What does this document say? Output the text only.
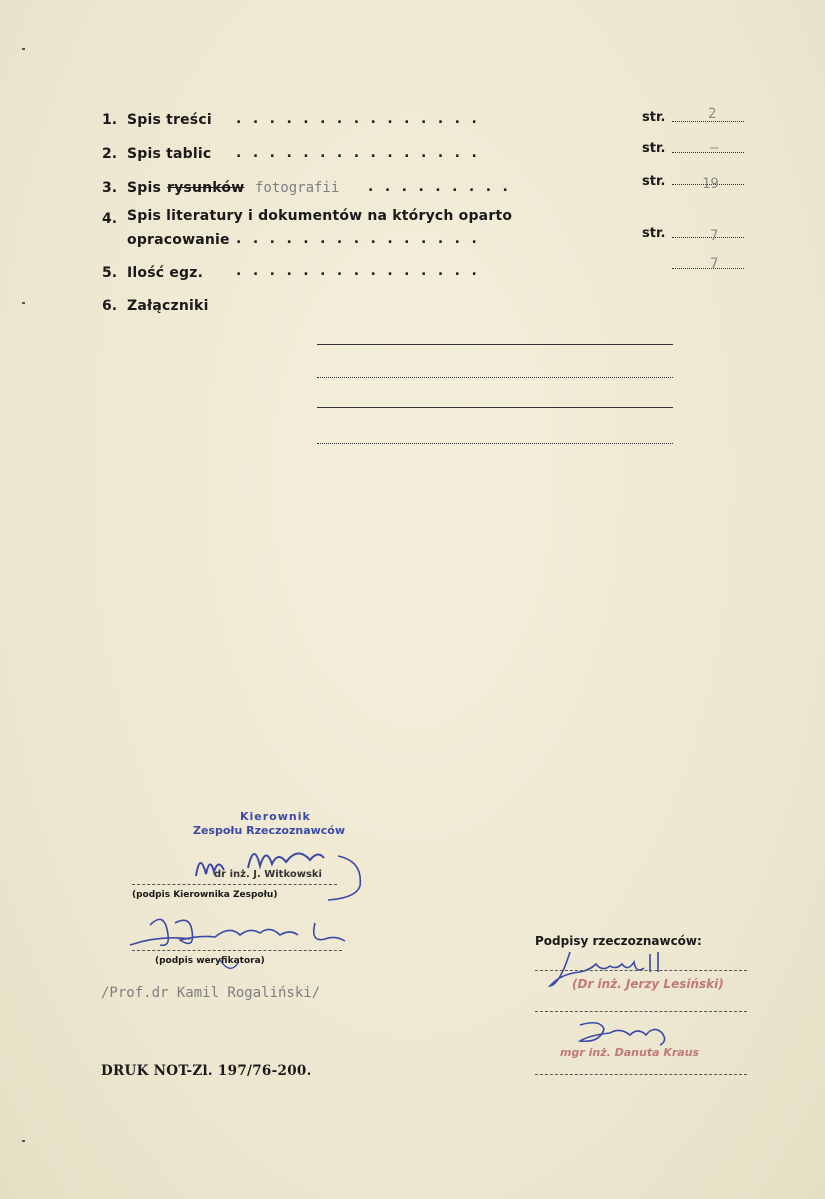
1. Spis treści ...............	str.	2
2. Spis tablic ...............	str.	–
3. Spis rysunków fotografii .........	str.	19
4. Spis literatury i dokumentów na których oparto
opracowanie ...............	str.	7
5. Ilość egz. ...............	7
6. Załączniki
Kierownik
Zespołu Rzeczoznawców
dr inż. J. Witkowski
(podpis Kierownika Zespołu)
(podpis weryfikatora)
/Prof.dr Kamil Rogaliński/
Podpisy rzeczoznawców:
(Dr inż. Jerzy Lesiński)
mgr inż. Danuta Kraus
DRUK NOT-Zl. 197/76-200.
